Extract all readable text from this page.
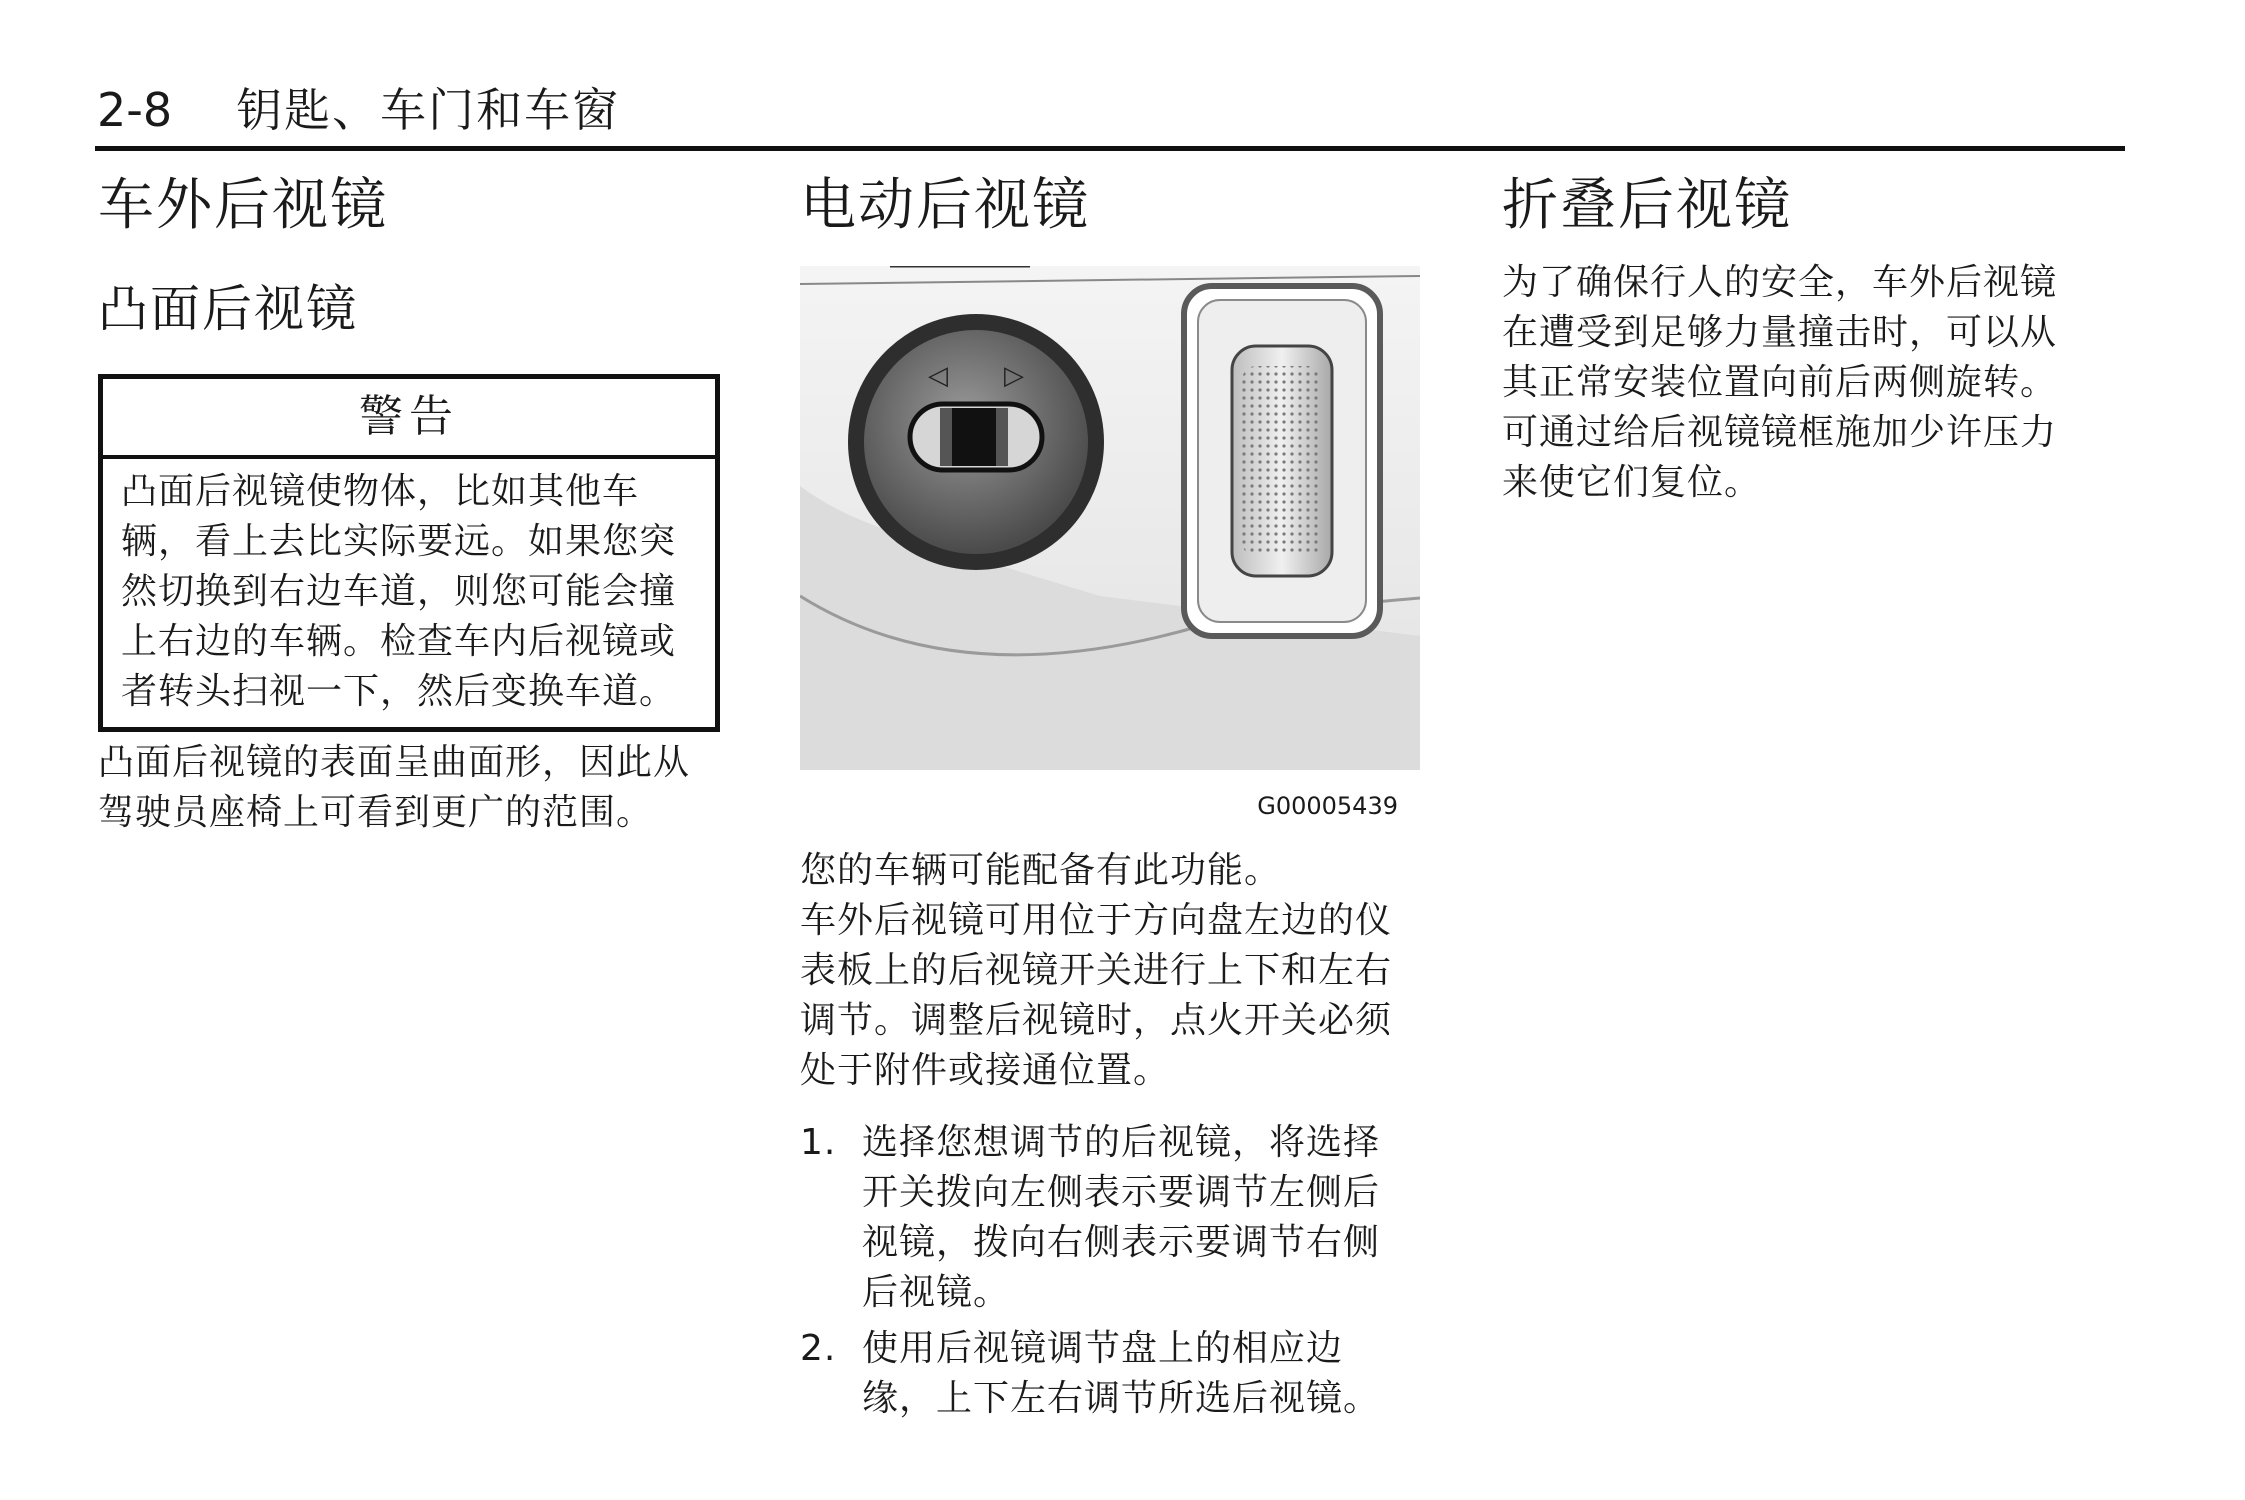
2-8 钥匙、车门和车窗
车外后视镜
凸面后视镜
警告
凸面后视镜使物体，比如其他车
辆，看上去比实际要远。如果您突
然切换到右边车道，则您可能会撞
上右边的车辆。检查车内后视镜或
者转头扫视一下，然后变换车道。
凸面后视镜的表面呈曲面形，因此从
驾驶员座椅上可看到更广的范围。
电动后视镜
◁ ▷
G00005439
您的车辆可能配备有此功能。
车外后视镜可用位于方向盘左边的仪
表板上的后视镜开关进行上下和左右
调节。调整后视镜时，点火开关必须
处于附件或接通位置。
1. 选择您想调节的后视镜，将选择
开关拨向左侧表示要调节左侧后
视镜，拨向右侧表示要调节右侧
后视镜。
2. 使用后视镜调节盘上的相应边
缘，上下左右调节所选后视镜。
折叠后视镜
为了确保行人的安全，车外后视镜
在遭受到足够力量撞击时，可以从
其正常安装位置向前后两侧旋转。
可通过给后视镜镜框施加少许压力
来使它们复位。
